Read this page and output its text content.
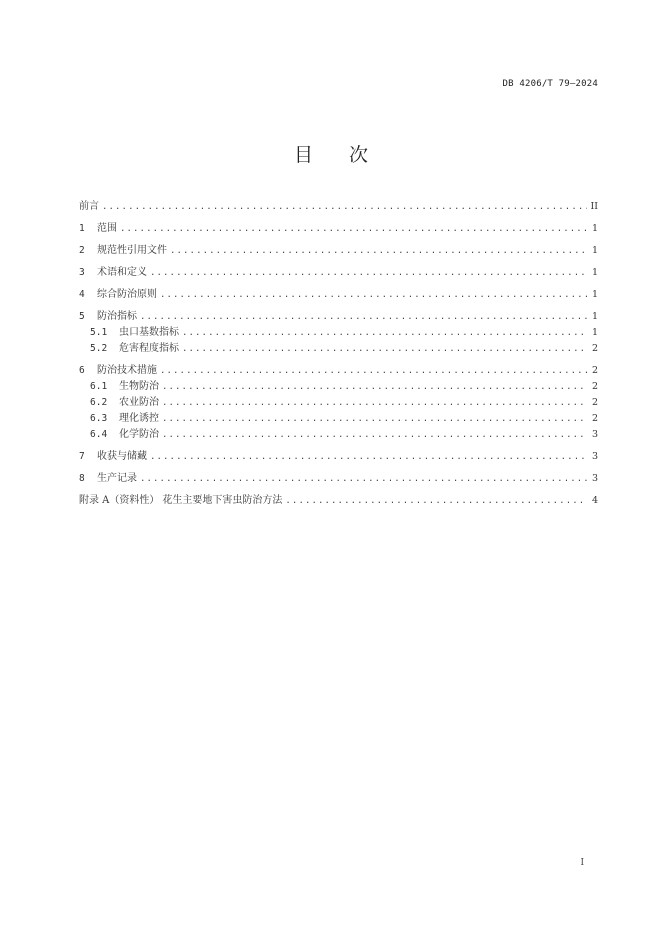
DB 4206/T 79—2024
目次
前言 .....	II
1	范围 .....	1
2	规范性引用文件 .....	1
3	术语和定义 .....	1
4	综合防治原则 .....	1
5	防治指标 .....	1
5.1	虫口基数指标 .....	1
5.2	危害程度指标 .....	2
6	防治技术措施 .....	2
6.1	生物防治 .....	2
6.2	农业防治 .....	2
6.3	理化诱控 .....	2
6.4	化学防治 .....	3
7	收获与储藏 .....	3
8	生产记录 .....	3
附录 A（资料性） 花生主要地下害虫防治方法 .....	4
I
